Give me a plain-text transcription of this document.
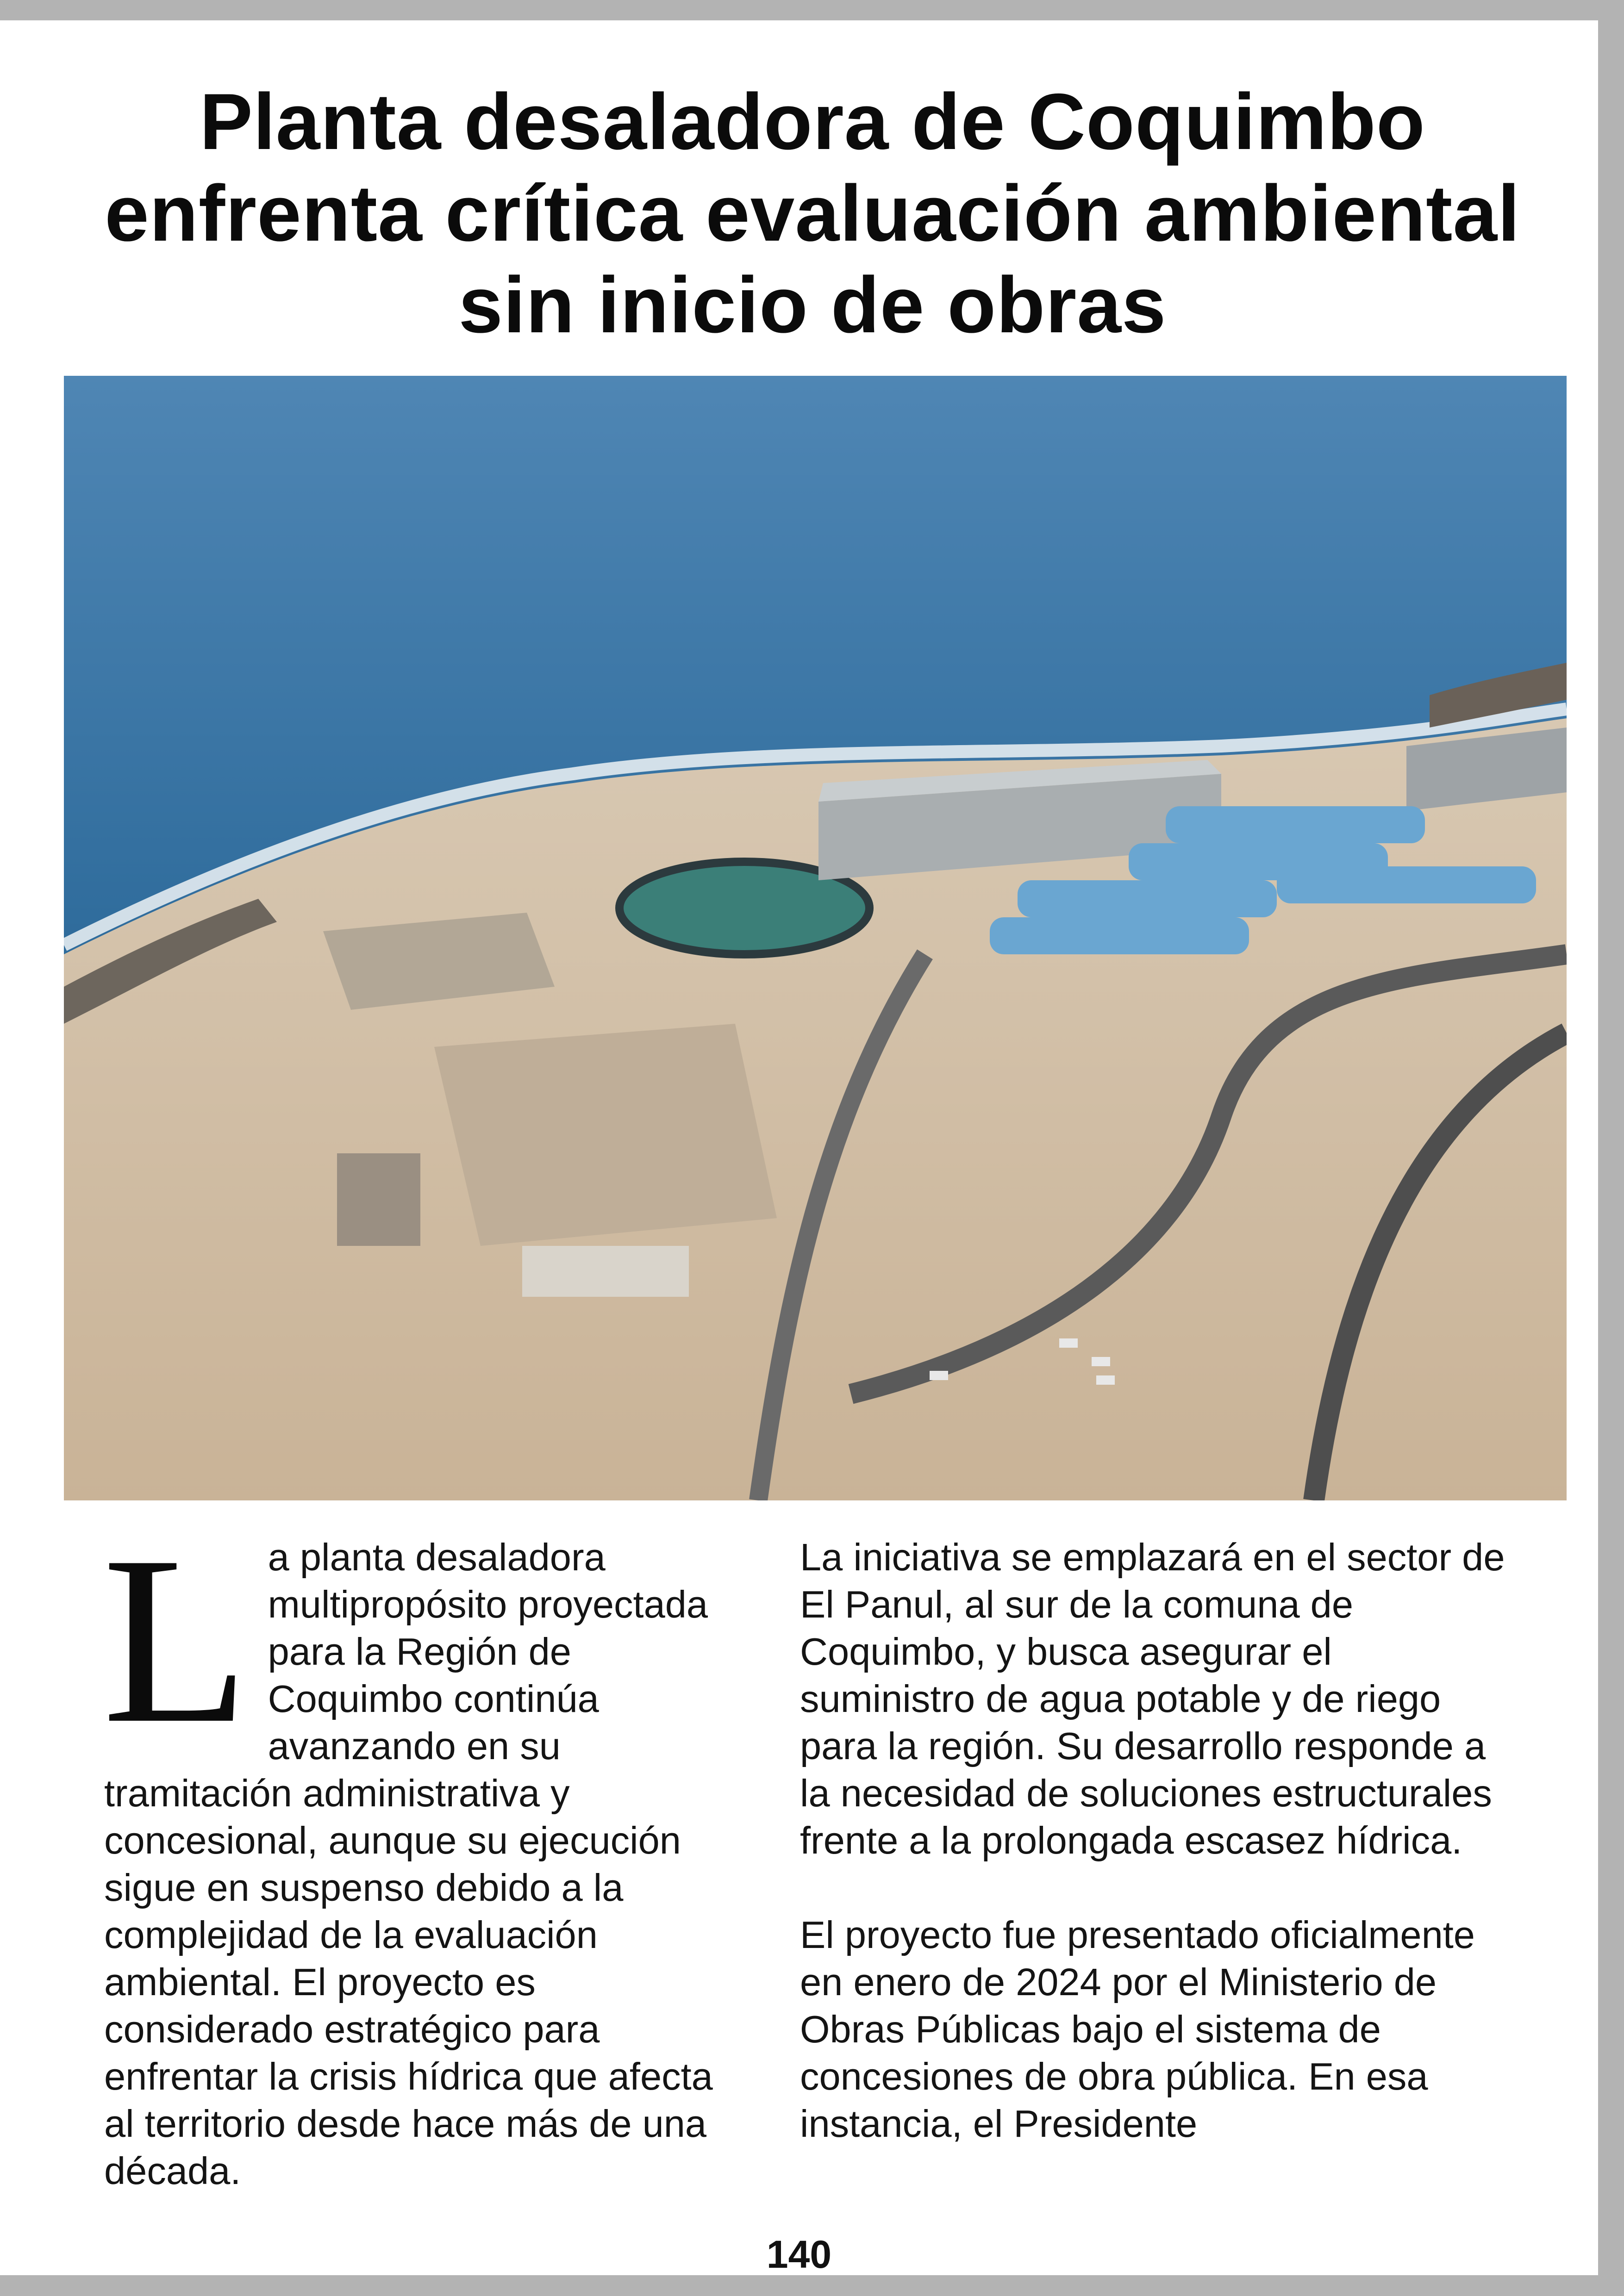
Planta desaladora de Coquimbo enfrenta crítica evaluación ambiental sin inicio de obras
L a planta desaladora multipropósito proyectada para la Región de Coquimbo continúa avanzando en su tramitación administrativa y concesional, aunque su ejecución sigue en suspenso debido a la complejidad de la evaluación ambiental. El proyecto es considerado estratégico para enfrentar la crisis hídrica que afecta al territorio desde hace más de una década.

La iniciativa se emplazará en el sector de El Panul, al sur de la comuna de Coquimbo, y busca asegurar el suministro de agua potable y de riego para la región. Su desarrollo responde a la necesidad de soluciones estructurales frente a la prolongada escasez hídrica.

El proyecto fue presentado oficialmente en enero de 2024 por el Ministerio de Obras Públicas bajo el sistema de concesiones de obra pública. En esa instancia, el Presidente

140
